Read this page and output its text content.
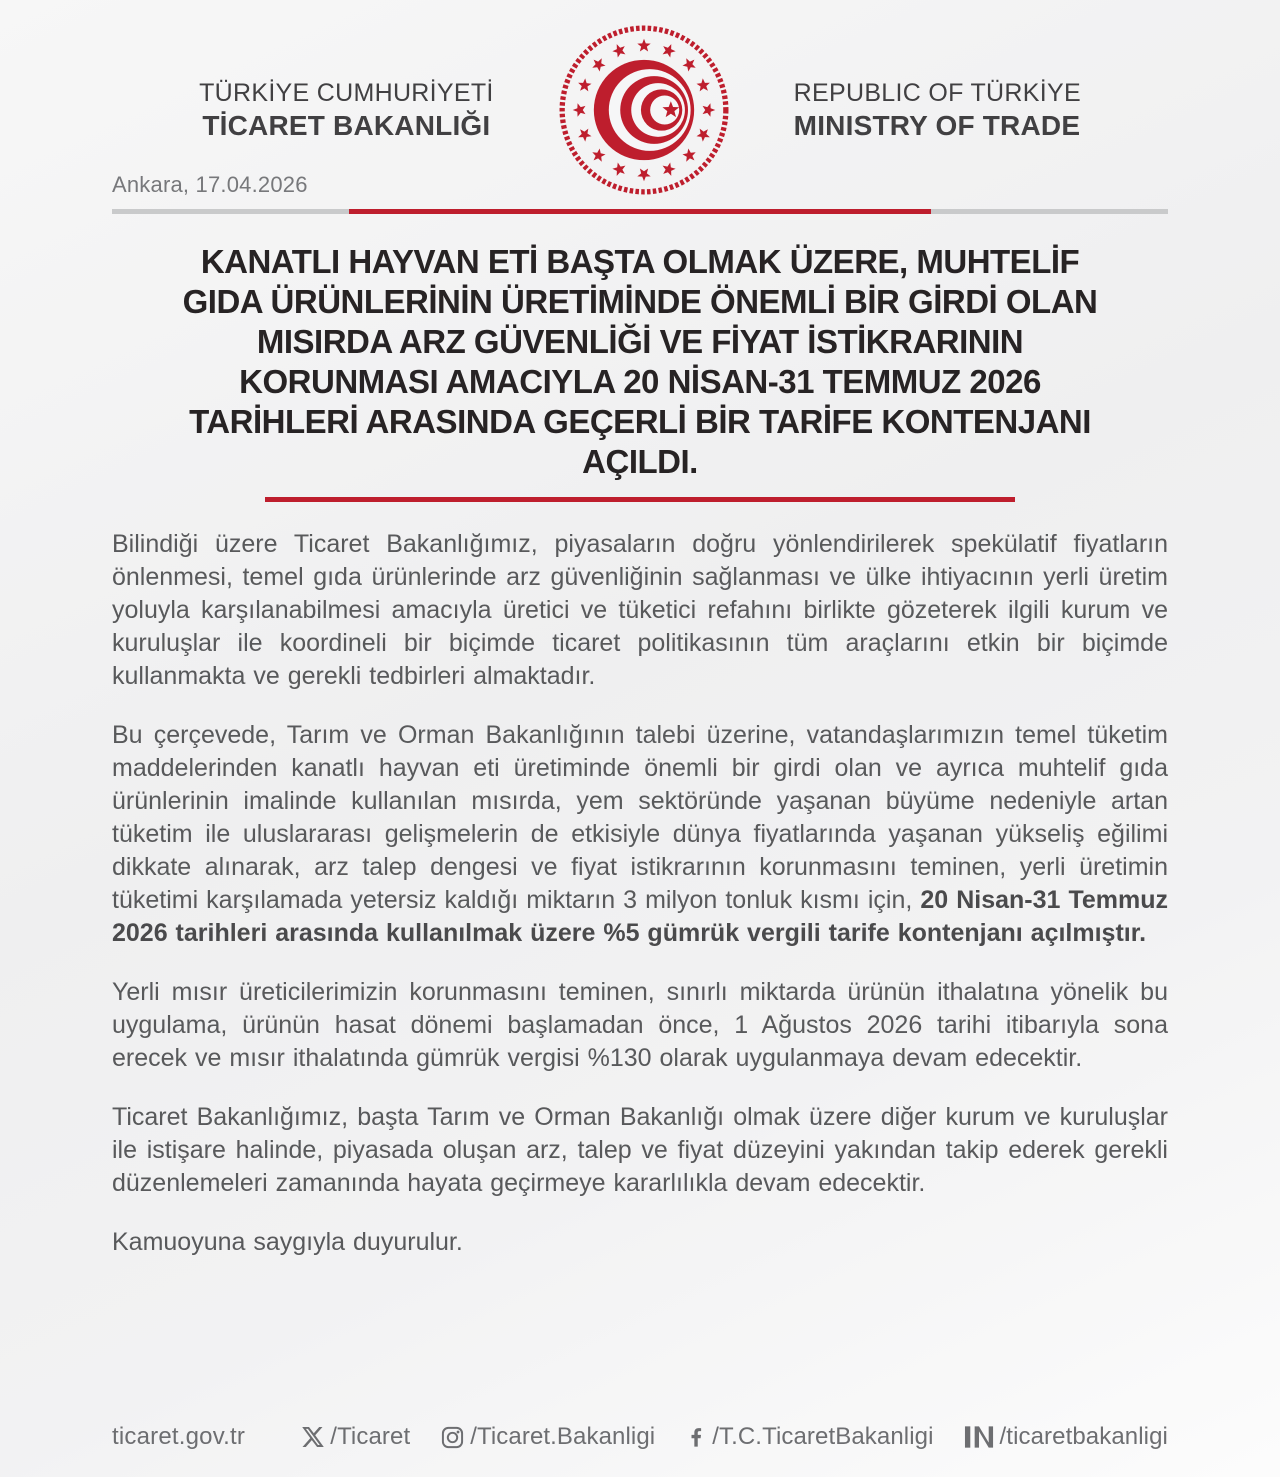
TÜRKİYE CUMHURİYETİ
TİCARET BAKANLIĞI
REPUBLIC OF TÜRKİYE
MINISTRY OF TRADE
Ankara, 17.04.2026
KANATLI HAYVAN ETİ BAŞTA OLMAK ÜZERE, MUHTELİF
GIDA ÜRÜNLERİNİN ÜRETİMİNDE ÖNEMLİ BİR GİRDİ OLAN
MISIRDA ARZ GÜVENLİĞİ VE FİYAT İSTİKRARININ
KORUNMASI AMACIYLA 20 NİSAN-31 TEMMUZ 2026
TARİHLERİ ARASINDA GEÇERLİ BİR TARİFE KONTENJANI
AÇILDI.

Bilindiği üzere Ticaret Bakanlığımız, piyasaların doğru yönlendirilerek spekülatif fiyatların önlenmesi, temel gıda ürünlerinde arz güvenliğinin sağlanması ve ülke ihtiyacının yerli üretim yoluyla karşılanabilmesi amacıyla üretici ve tüketici refahını birlikte gözeterek ilgili kurum ve kuruluşlar ile koordineli bir biçimde ticaret politikasının tüm araçlarını etkin bir biçimde kullanmakta ve gerekli tedbirleri almaktadır.

Bu çerçevede, Tarım ve Orman Bakanlığının talebi üzerine, vatandaşlarımızın temel tüketim maddelerinden kanatlı hayvan eti üretiminde önemli bir girdi olan ve ayrıca muhtelif gıda ürünlerinin imalinde kullanılan mısırda, yem sektöründe yaşanan büyüme nedeniyle artan tüketim ile uluslararası gelişmelerin de etkisiyle dünya fiyatlarında yaşanan yükseliş eğilimi dikkate alınarak, arz talep dengesi ve fiyat istikrarının korunmasını teminen, yerli üretimin tüketimi karşılamada yetersiz kaldığı miktarın 3 milyon tonluk kısmı için, 20 Nisan-31 Temmuz 2026 tarihleri arasında kullanılmak üzere %5 gümrük vergili tarife kontenjanı açılmıştır.

Yerli mısır üreticilerimizin korunmasını teminen, sınırlı miktarda ürünün ithalatına yönelik bu uygulama, ürünün hasat dönemi başlamadan önce, 1 Ağustos 2026 tarihi itibarıyla sona erecek ve mısır ithalatında gümrük vergisi %130 olarak uygulanmaya devam edecektir.

Ticaret Bakanlığımız, başta Tarım ve Orman Bakanlığı olmak üzere diğer kurum ve kuruluşlar ile istişare halinde, piyasada oluşan arz, talep ve fiyat düzeyini yakından takip ederek gerekli düzenlemeleri zamanında hayata geçirmeye kararlılıkla devam edecektir.

Kamuoyuna saygıyla duyurulur.

ticaret.gov.tr	/Ticaret	/Ticaret.Bakanligi /T.C.TicaretBakanligi	/ticaretbakanligi
